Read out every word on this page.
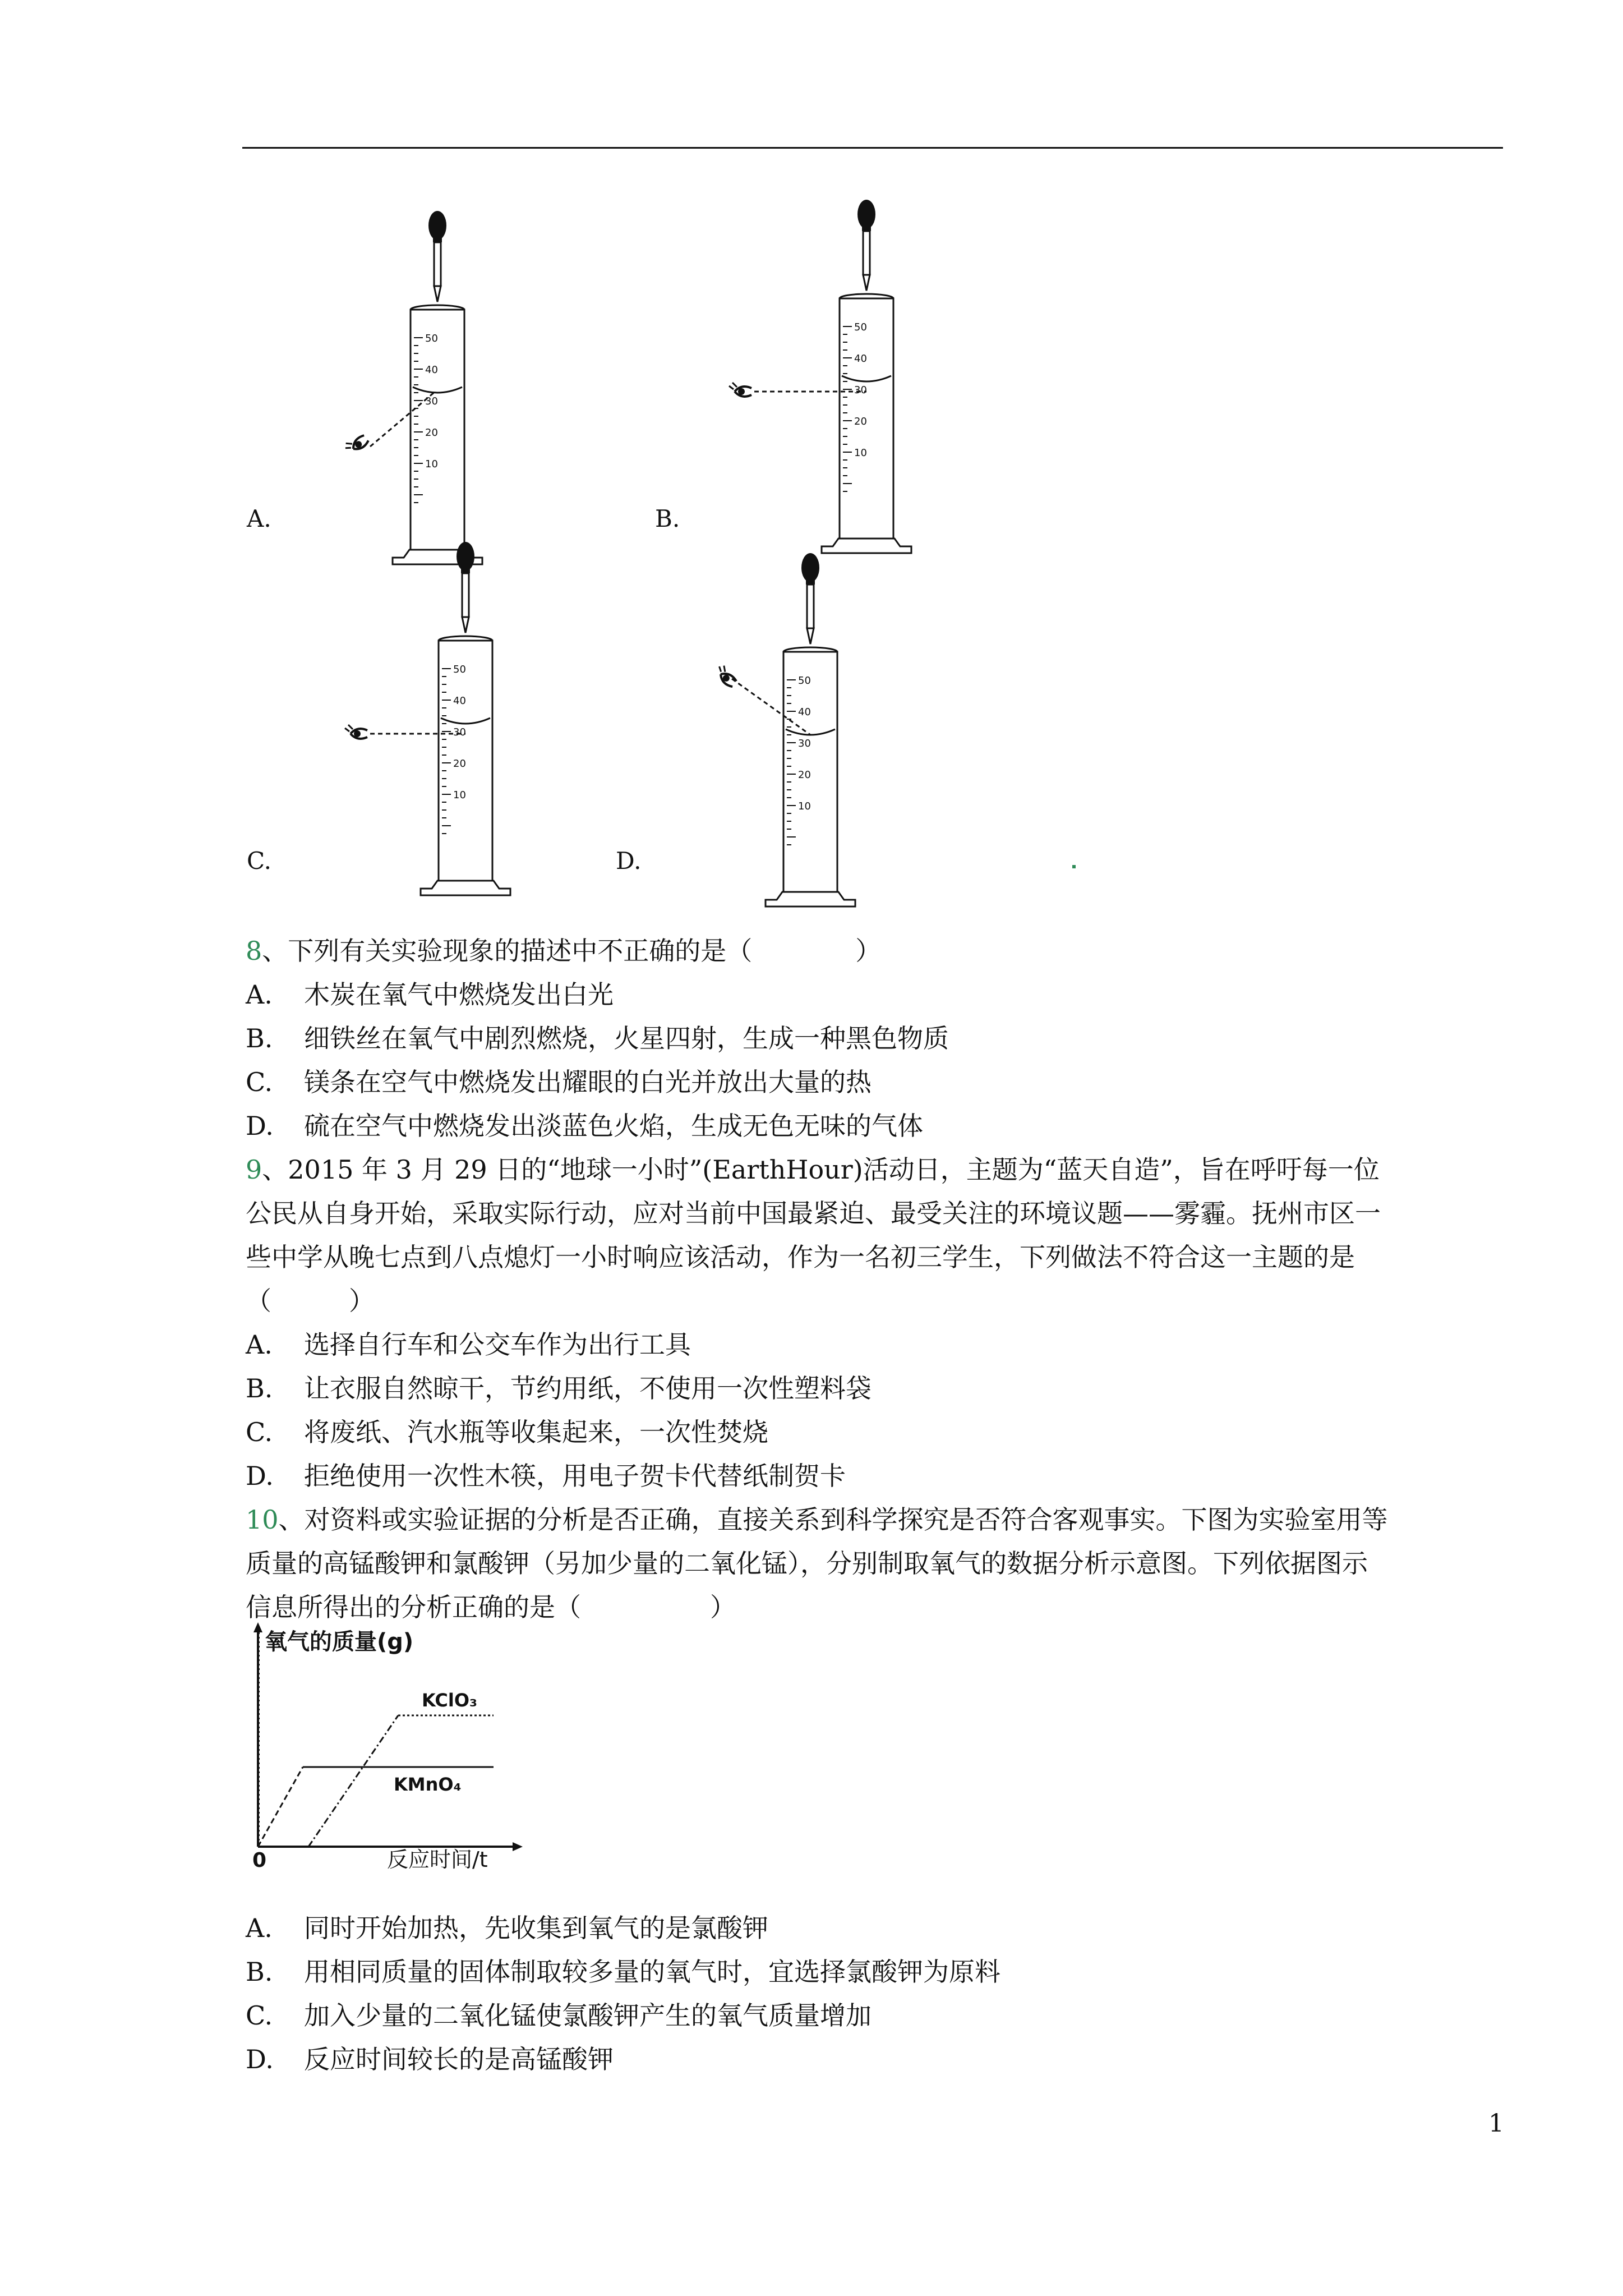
50
40
30
20
10
A.
50
40
30
20
10
B.
50
40
30
20
10
C.
50
40
30
20
10
D.
8、下列有关实验现象的描述中不正确的是（　　　　）
A. 木炭在氧气中燃烧发出白光
B. 细铁丝在氧气中剧烈燃烧，火星四射，生成一种黑色物质
C. 镁条在空气中燃烧发出耀眼的白光并放出大量的热
D. 硫在空气中燃烧发出淡蓝色火焰，生成无色无味的气体
9、2015 年 3 月 29 日的“地球一小时”(EarthHour)活动日，主题为“蓝天自造”，旨在呼吁每一位
公民从自身开始，采取实际行动，应对当前中国最紧迫、最受关注的环境议题——雾霾。抚州市区一
些中学从晚七点到八点熄灯一小时响应该活动，作为一名初三学生，下列做法不符合这一主题的是
（　　　）
A. 选择自行车和公交车作为出行工具
B. 让衣服自然晾干，节约用纸，不使用一次性塑料袋
C. 将废纸、汽水瓶等收集起来，一次性焚烧
D. 拒绝使用一次性木筷，用电子贺卡代替纸制贺卡
10、对资料或实验证据的分析是否正确，直接关系到科学探究是否符合客观事实。下图为实验室用等
质量的高锰酸钾和氯酸钾（另加少量的二氧化锰），分别制取氧气的数据分析示意图。下列依据图示
信息所得出的分析正确的是（　　　　　）
氧气的质量(g)
KClO₃
KMnO₄
0	反应时间/t
A. 同时开始加热，先收集到氧气的是氯酸钾
B. 用相同质量的固体制取较多量的氧气时，宜选择氯酸钾为原料
C. 加入少量的二氧化锰使氯酸钾产生的氧气质量增加
D. 反应时间较长的是高锰酸钾
1
